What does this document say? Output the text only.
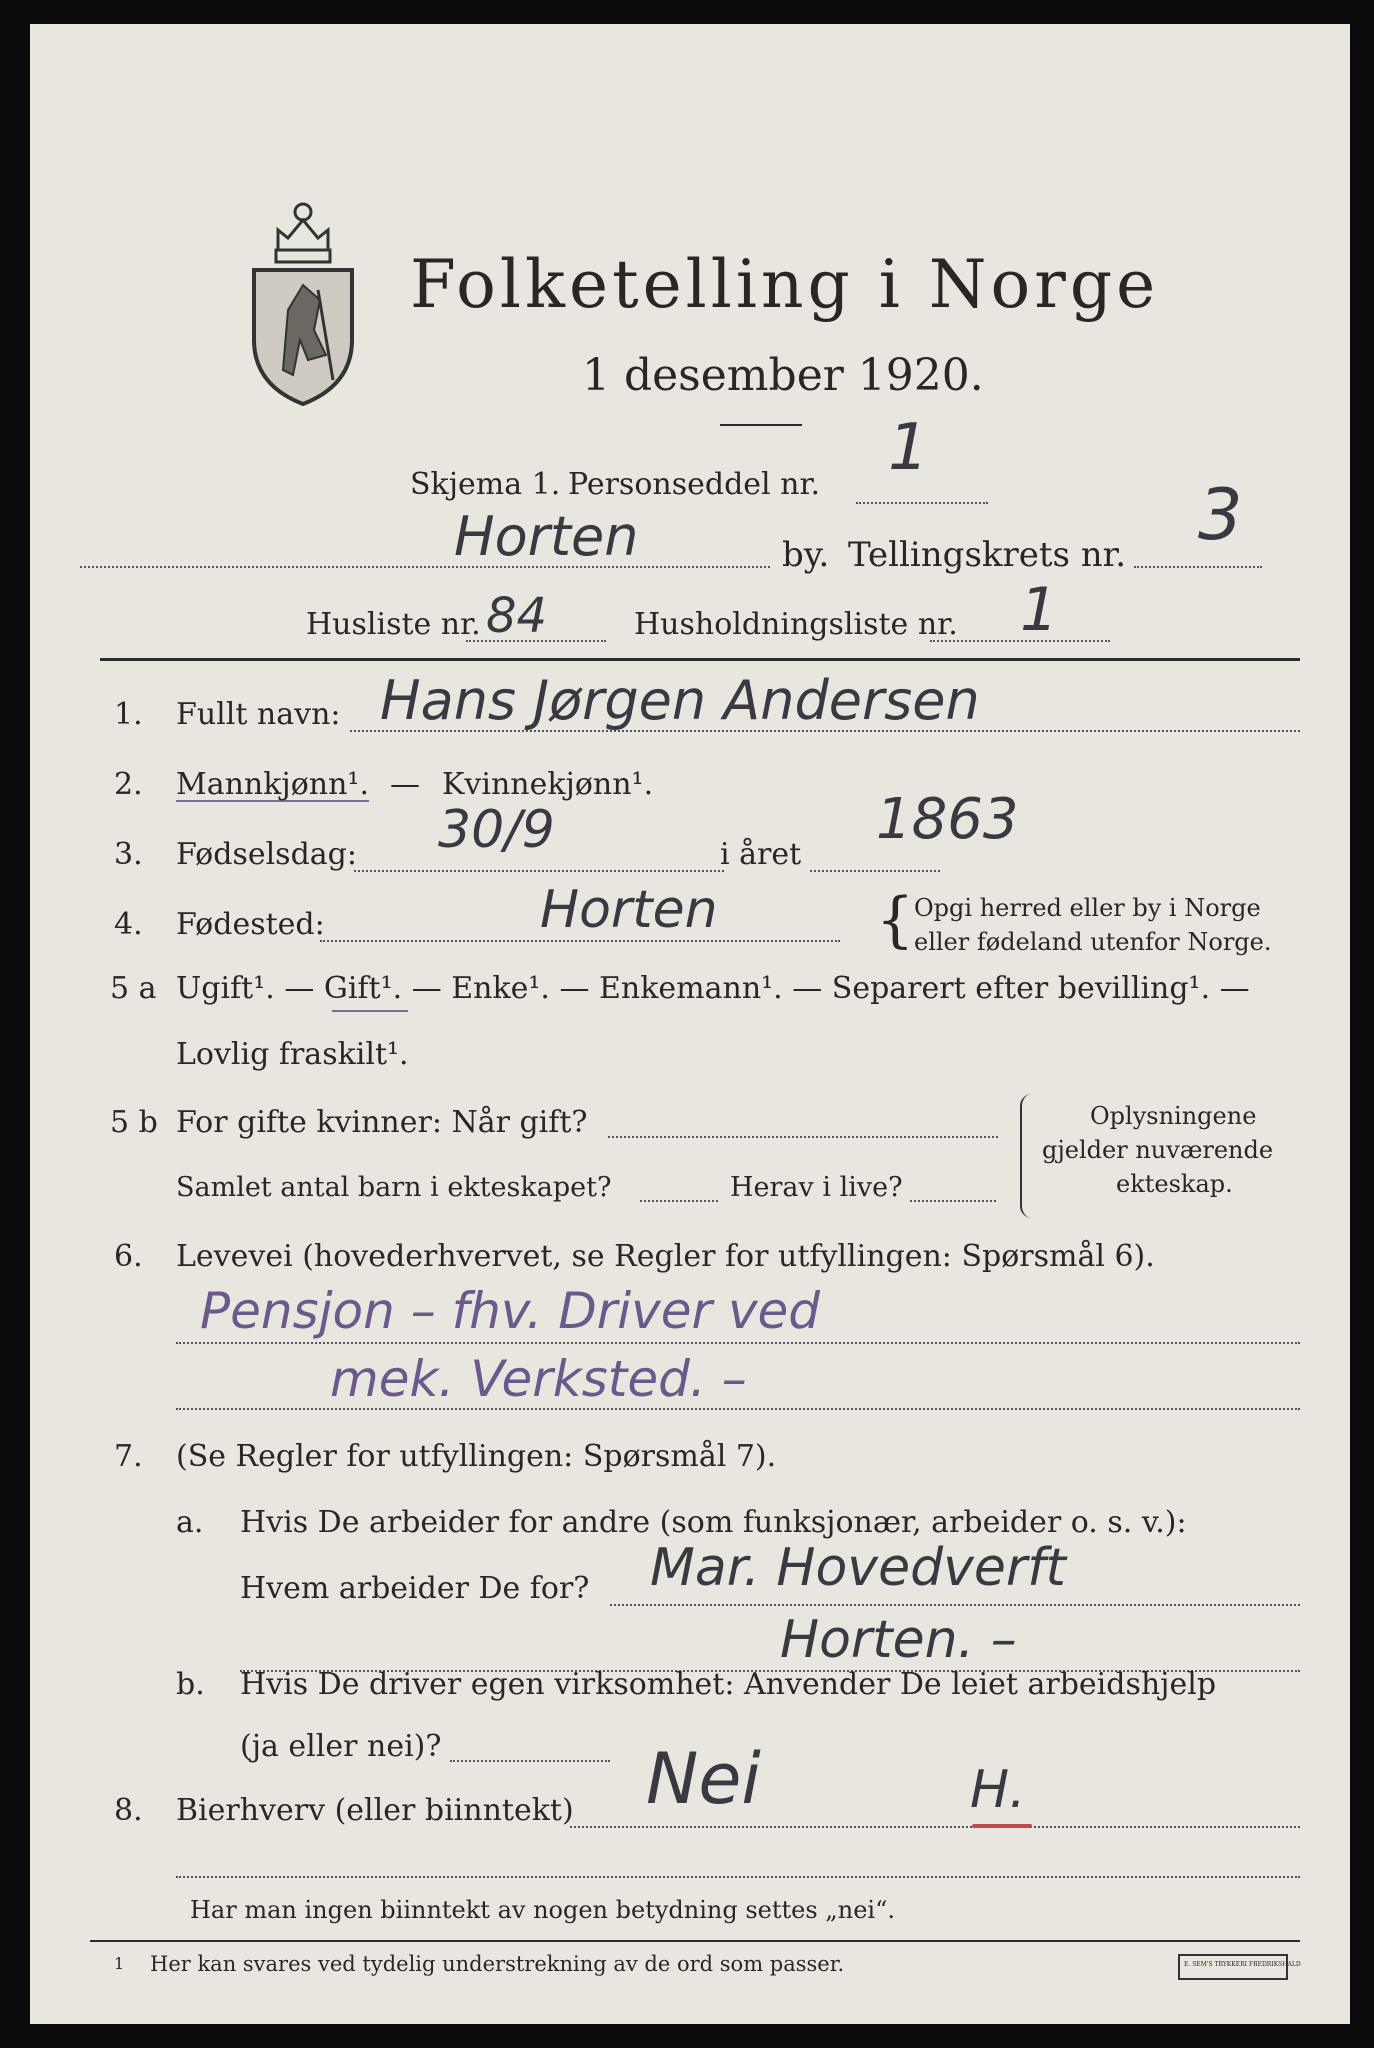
Folketelling i Norge
1 desember 1920.
Skjema 1. Personseddel nr. 1
Horten	by. Tellingskrets nr. 3
Husliste nr. 84	Husholdningsliste nr. 1
1. Fullt navn: Hans Jørgen Andersen
2. Mannkjønn¹. — Kvinnekjønn¹.
3. Fødselsdag: 30/9	i året
1863
4. Fødested:	Horten	{ Opgi herred eller by i Norge
eller fødeland utenfor Norge.
5 a Ugift¹. — Gift¹. — Enke¹. — Enkemann¹. — Separert efter bevilling¹. —
Lovlig fraskilt¹.
5 b For gifte kvinner: Når gift?
Samlet antal barn i ekteskapet?	Herav i live?
Oplysningene
gjelder nuværende
ekteskap.
6. Levevei (hovederhvervet, se Regler for utfyllingen: Spørsmål 6).
Pensjon – fhv. Driver ved
mek. Verksted. –
7. (Se Regler for utfyllingen: Spørsmål 7).
a. Hvis De arbeider for andre (som funksjonær, arbeider o. s. v.):
Hvem arbeider De for? Mar. Hovedverft
Horten. –
b. Hvis De driver egen virksomhet: Anvender De leiet arbeidshjelp
(ja eller nei)?
8. Bierhverv (eller biinntekt) Nei	H.
Har man ingen biinntekt av nogen betydning settes „nei“.
1 Her kan svares ved tydelig understrekning av de ord som passer.	E. SEM'S TRYKKERI FREDRIKSHALD
